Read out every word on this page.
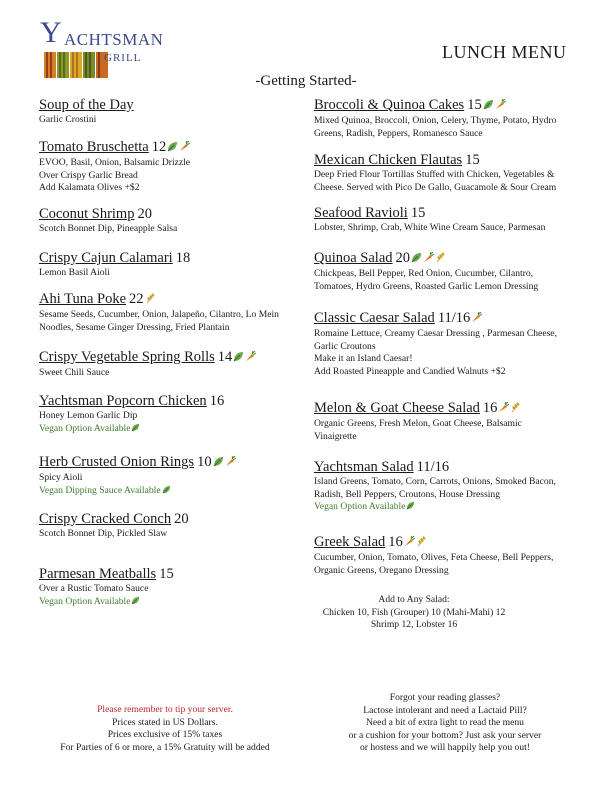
Y ACHTSMAN
GRILL	LUNCH MENU
-Getting Started-
Soup of the Day
Garlic Crostini
Tomato Bruschetta 12
EVOO, Basil, Onion, Balsamic Drizzle
Over Crispy Garlic Bread
Add Kalamata Olives +$2
Coconut Shrimp 20
Scotch Bonnet Dip, Pineapple Salsa
Crispy Cajun Calamari 18
Lemon Basil Aioli
Ahi Tuna Poke 22
Sesame Seeds, Cucumber, Onion, Jalapeño, Cilantro, Lo Mein
Noodles, Sesame Ginger Dressing, Fried Plantain
Crispy Vegetable Spring Rolls 14
Sweet Chili Sauce
Yachtsman Popcorn Chicken 16
Honey Lemon Garlic Dip
Vegan Option Available
Herb Crusted Onion Rings 10
Spicy Aioli
Vegan Dipping Sauce Available
Crispy Cracked Conch 20
Scotch Bonnet Dip, Pickled Slaw
Parmesan Meatballs 15
Over a Rustic Tomato Sauce
Vegan Option Available
Broccoli & Quinoa Cakes 15
Mixed Quinoa, Broccoli, Onion, Celery, Thyme, Potato, Hydro
Greens, Radish, Peppers, Romanesco Sauce
Mexican Chicken Flautas 15
Deep Fried Flour Tortillas Stuffed with Chicken, Vegetables &
Cheese. Served with Pico De Gallo, Guacamole & Sour Cream
Seafood Ravioli 15
Lobster, Shrimp, Crab, White Wine Cream Sauce, Parmesan
Quinoa Salad 20
Chickpeas, Bell Pepper, Red Onion, Cucumber, Cilantro,
Tomatoes, Hydro Greens, Roasted Garlic Lemon Dressing
Classic Caesar Salad 11/16
Romaine Lettuce, Creamy Caesar Dressing , Parmesan Cheese,
Garlic Croutons
Make it an Island Caesar!
Add Roasted Pineapple and Candied Walnuts +$2
Melon & Goat Cheese Salad 16
Organic Greens, Fresh Melon, Goat Cheese, Balsamic
Vinaigrette
Yachtsman Salad 11/16
Island Greens, Tomato, Corn, Carrots, Onions, Smoked Bacon,
Radish, Bell Peppers, Croutons, House Dressing
Vegan Option Available
Greek Salad 16
Cucumber, Onion, Tomato, Olives, Feta Cheese, Bell Peppers,
Organic Greens, Oregano Dressing
Add to Any Salad:
Chicken 10, Fish (Grouper) 10 (Mahi-Mahi) 12
Shrimp 12, Lobster 16
Please remember to tip your server.
Prices stated in US Dollars.
Prices exclusive of 15% taxes
For Parties of 6 or more, a 15% Gratuity will be added
Forgot your reading glasses?
Lactose intolerant and need a Lactaid Pill?
Need a bit of extra light to read the menu
or a cushion for your bottom? Just ask your server
or hostess and we will happily help you out!
